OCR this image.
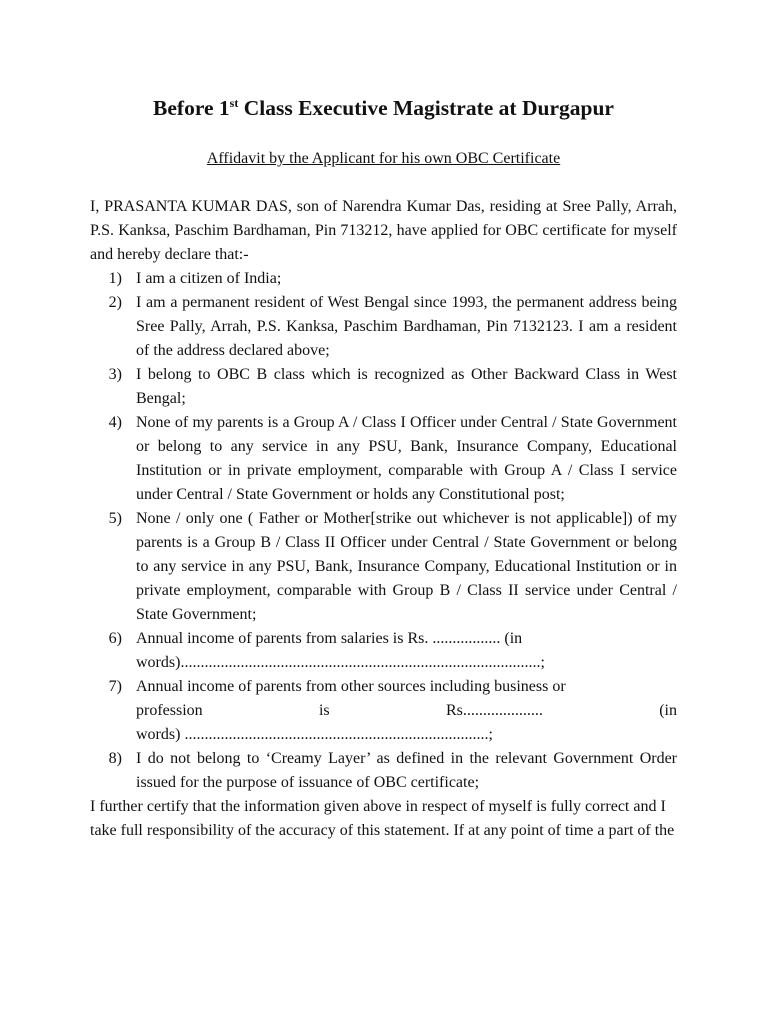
Before 1st Class Executive Magistrate at Durgapur
Affidavit by the Applicant for his own OBC Certificate

I, PRASANTA KUMAR DAS, son of Narendra Kumar Das, residing at Sree Pally, Arrah, P.S. Kanksa, Paschim Bardhaman, Pin 713212, have applied for OBC certificate for myself and hereby declare that:-

1) I am a citizen of India;
2) I am a permanent resident of West Bengal since 1993, the permanent address being Sree Pally, Arrah, P.S. Kanksa, Paschim Bardhaman, Pin 7132123. I am a resident of the address declared above;
3) I belong to OBC B class which is recognized as Other Backward Class in West Bengal;
4) None of my parents is a Group A / Class I Officer under Central / State Government or belong to any service in any PSU, Bank, Insurance Company, Educational Institution or in private employment, comparable with Group A / Class I service under Central / State Government or holds any Constitutional post;
5) None / only one ( Father or Mother[strike out whichever is not applicable]) of my parents is a Group B / Class II Officer under Central / State Government or belong to any service in any PSU, Bank, Insurance Company, Educational Institution or in private employment, comparable with Group B / Class II service under Central / State Government;
6) Annual income of parents from salaries is Rs. ................. (in
words)..........................................................................................;
7) Annual income of parents from other sources including business or
profession	is	Rs....................	(in
words) ............................................................................;
8) I do not belong to ‘Creamy Layer’ as defined in the relevant Government Order issued for the purpose of issuance of OBC certificate;

I further certify that the information given above in respect of myself is fully correct and I

take full responsibility of the accuracy of this statement. If at any point of time a part of the
